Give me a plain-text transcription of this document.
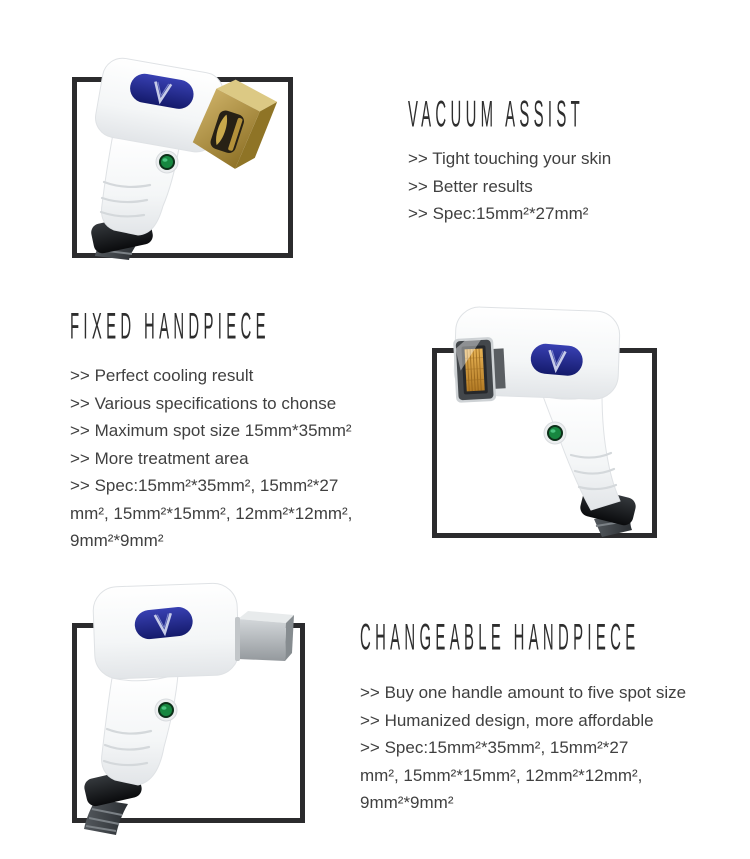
VACUUM ASSIST
>> Tight touching your skin
>> Better results
>> Spec:15mm²*27mm²
FIXED HANDPIECE
>> Perfect cooling result
>> Various specifications to chonse
>> Maximum spot size 15mm*35mm²
>> More treatment area
>> Spec:15mm²*35mm², 15mm²*27
mm², 15mm²*15mm², 12mm²*12mm²,
9mm²*9mm²
CHANGEABLE HANDPIECE
>> Buy one handle amount to five spot size
>> Humanized design, more affordable
>> Spec:15mm²*35mm², 15mm²*27
mm², 15mm²*15mm², 12mm²*12mm²,
9mm²*9mm²
